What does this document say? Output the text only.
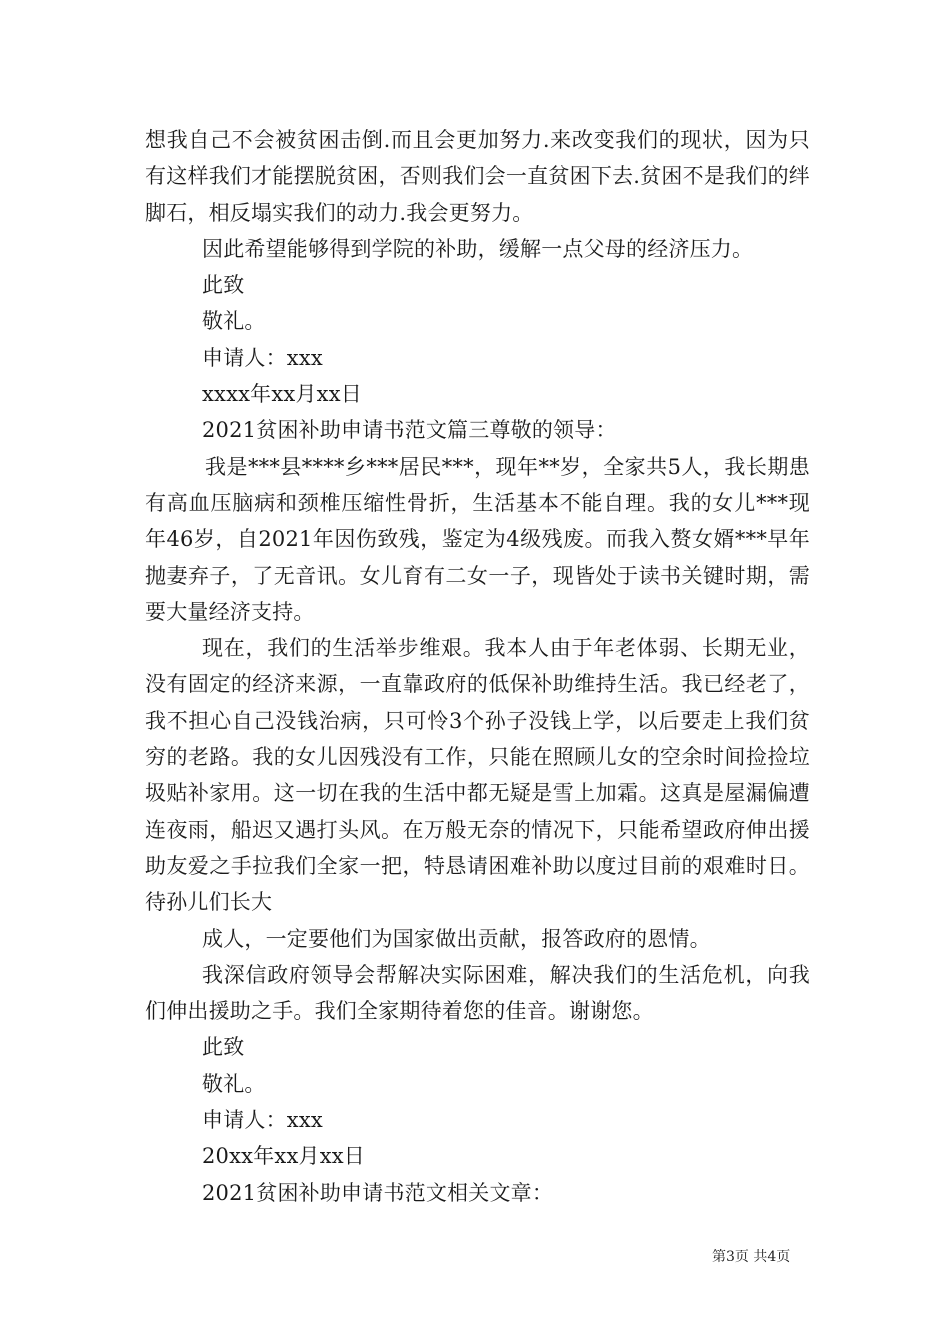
想我自己不会被贫困击倒.而且会更加努力.来改变我们的现状，因为只有这样我们才能摆脱贫困，否则我们会一直贫困下去.贫困不是我们的绊脚石，相反塌实我们的动力.我会更努力。

因此希望能够得到学院的补助，缓解一点父母的经济压力。

此致

敬礼。

申请人：xxx

xxxx年xx月xx日

2021贫困补助申请书范文篇三尊敬的领导：

我是***县****乡***居民***，现年**岁，全家共5人，我长期患有高血压脑病和颈椎压缩性骨折，生活基本不能自理。我的女儿***现年46岁，自2021年因伤致残，鉴定为4级残废。而我入赘女婿***早年抛妻弃子，了无音讯。女儿育有二女一子，现皆处于读书关键时期，需要大量经济支持。

现在，我们的生活举步维艰。我本人由于年老体弱、长期无业，没有固定的经济来源，一直靠政府的低保补助维持生活。我已经老了，我不担心自己没钱治病，只可怜3个孙子没钱上学，以后要走上我们贫穷的老路。我的女儿因残没有工作，只能在照顾儿女的空余时间捡捡垃圾贴补家用。这一切在我的生活中都无疑是雪上加霜。这真是屋漏偏遭连夜雨，船迟又遇打头风。在万般无奈的情况下，只能希望政府伸出援助友爱之手拉我们全家一把，特恳请困难补助以度过目前的艰难时日。待孙儿们长大

成人，一定要他们为国家做出贡献，报答政府的恩情。

我深信政府领导会帮解决实际困难，解决我们的生活危机，向我们伸出援助之手。我们全家期待着您的佳音。谢谢您。

此致

敬礼。

申请人：xxx

20xx年xx月xx日

2021贫困补助申请书范文相关文章：

第3页 共4页
